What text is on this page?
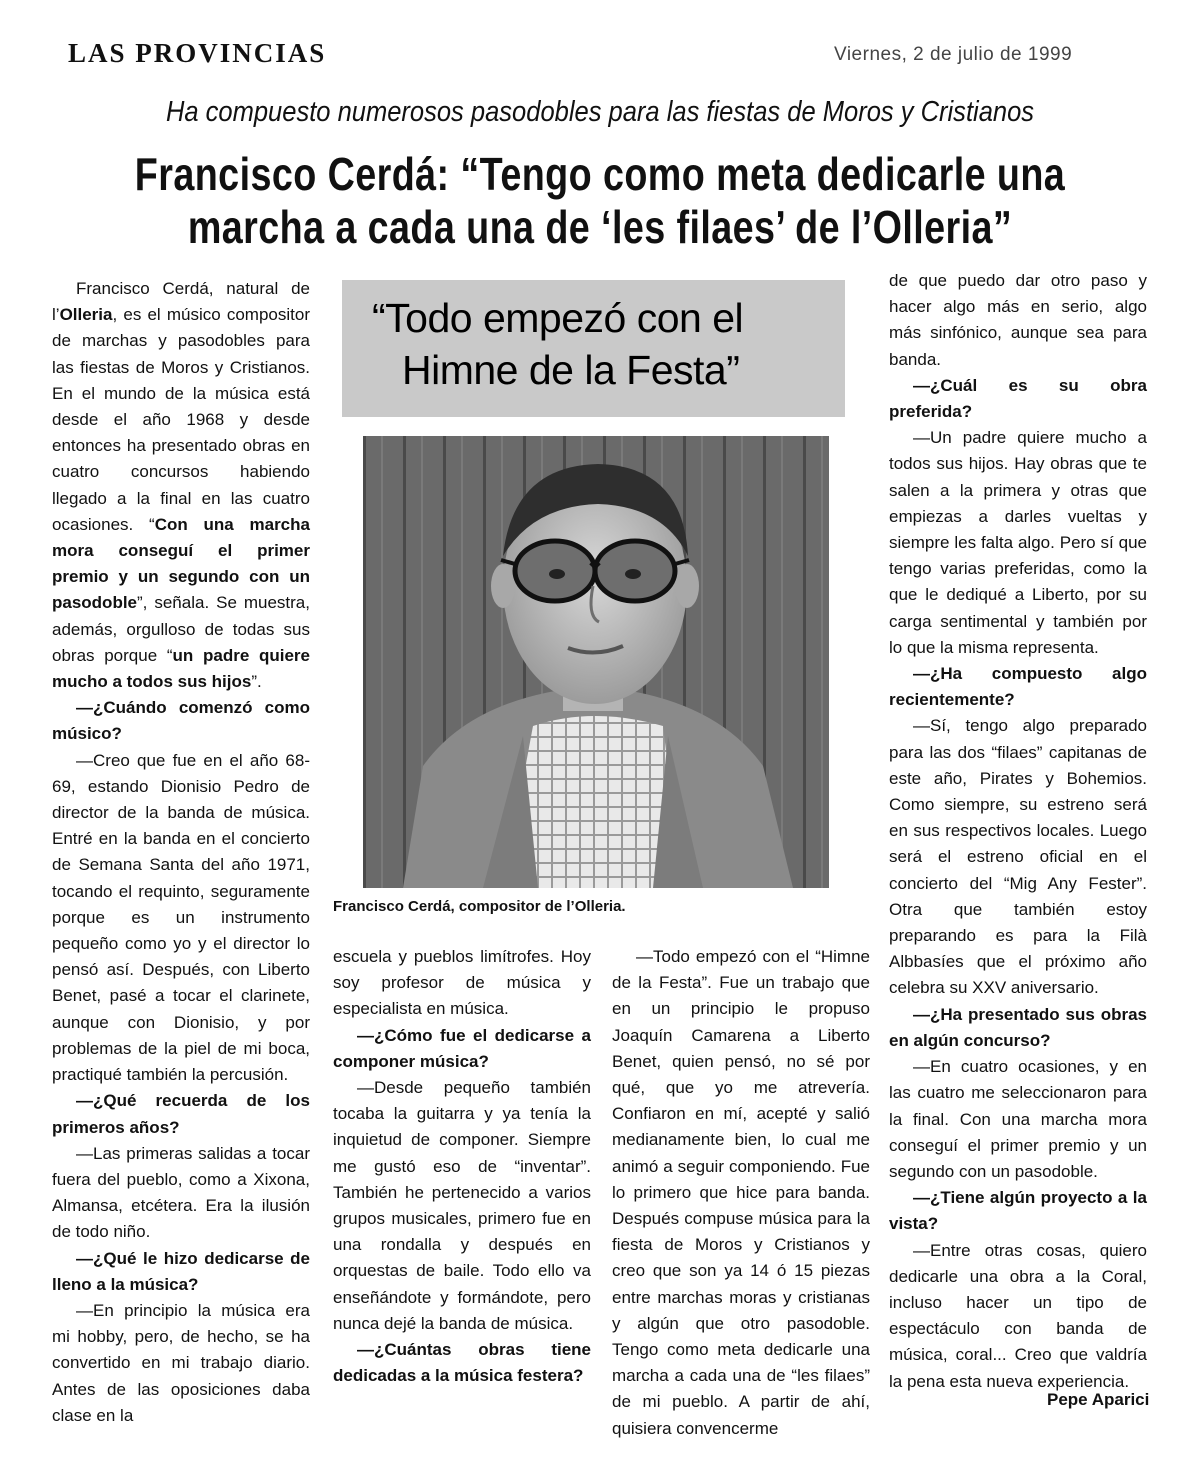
LAS PROVINCIAS	Viernes, 2 de julio de 1999
Ha compuesto numerosos pasodobles para las fiestas de Moros y Cristianos
Francisco Cerdá: “Tengo como meta dedicarle una
marcha a cada una de ‘les filaes’ de l’Olleria”

Francisco Cerdá, natural de l’Olleria, es el músico compositor de marchas y pasodobles para las fiestas de Moros y Cristianos. En el mundo de la música está desde el año 1968 y desde entonces ha presentado obras en cuatro concursos habiendo llegado a la final en las cuatro ocasiones. “Con una marcha mora conseguí el primer premio y un segundo con un pasodoble”, señala. Se muestra, además, orgulloso de todas sus obras porque “un padre quiere mucho a todos sus hijos”.

—¿Cuándo comenzó como músico?

—Creo que fue en el año 68-69, estando Dionisio Pedro de director de la banda de música. Entré en la banda en el concierto de Semana Santa del año 1971, tocando el requinto, seguramente porque es un instrumento pequeño como yo y el director lo pensó así. Después, con Liberto Benet, pasé a tocar el clarinete, aunque con Dionisio, y por problemas de la piel de mi boca, practiqué también la percusión.

—¿Qué recuerda de los primeros años?

—Las primeras salidas a tocar fuera del pueblo, como a Xixona, Almansa, etcétera. Era la ilusión de todo niño.

—¿Qué le hizo dedicarse de lleno a la música?

—En principio la música era mi hobby, pero, de hecho, se ha convertido en mi trabajo diario. Antes de las oposiciones daba clase en la

“Todo empezó con el
Himne de la Festa”
Francisco Cerdá, compositor de l’Olleria.

escuela y pueblos limítrofes. Hoy soy profesor de música y especialista en música.

—¿Cómo fue el dedicarse a componer música?

—Desde pequeño también tocaba la guitarra y ya tenía la inquietud de componer. Siempre me gustó eso de “inventar”. También he pertenecido a varios grupos musicales, primero fue en una rondalla y después en orquestas de baile. Todo ello va enseñándote y formándote, pero nunca dejé la banda de música.

—¿Cuántas obras tiene dedicadas a la música festera?

—Todo empezó con el “Himne de la Festa”. Fue un trabajo que en un principio le propuso Joaquín Camarena a Liberto Benet, quien pensó, no sé por qué, que yo me atrevería. Confiaron en mí, acepté y salió medianamente bien, lo cual me animó a seguir componiendo. Fue lo primero que hice para banda. Después compuse música para la fiesta de Moros y Cristianos y creo que son ya 14 ó 15 piezas entre marchas moras y cristianas y algún que otro pasodoble. Tengo como meta dedicarle una marcha a cada una de “les filaes” de mi pueblo. A partir de ahí, quisiera convencerme

de que puedo dar otro paso y hacer algo más en serio, algo más sinfónico, aunque sea para banda.

—¿Cuál es su obra preferida?

—Un padre quiere mucho a todos sus hijos. Hay obras que te salen a la primera y otras que empiezas a darles vueltas y siempre les falta algo. Pero sí que tengo varias preferidas, como la que le dediqué a Liberto, por su carga sentimental y también por lo que la misma representa.

—¿Ha compuesto algo recientemente?

—Sí, tengo algo preparado para las dos “filaes” capitanas de este año, Pirates y Bohemios. Como siempre, su estreno será en sus respectivos locales. Luego será el estreno oficial en el concierto del “Mig Any Fester”. Otra que también estoy preparando es para la Filà Albbasíes que el próximo año celebra su XXV aniversario.

—¿Ha presentado sus obras en algún concurso?

—En cuatro ocasiones, y en las cuatro me seleccionaron para la final. Con una marcha mora conseguí el primer premio y un segundo con un pasodoble.

—¿Tiene algún proyecto a la vista?

—Entre otras cosas, quiero dedicarle una obra a la Coral, incluso hacer un tipo de espectáculo con banda de música, coral... Creo que valdría la pena esta nueva experiencia.

Pepe Aparici
